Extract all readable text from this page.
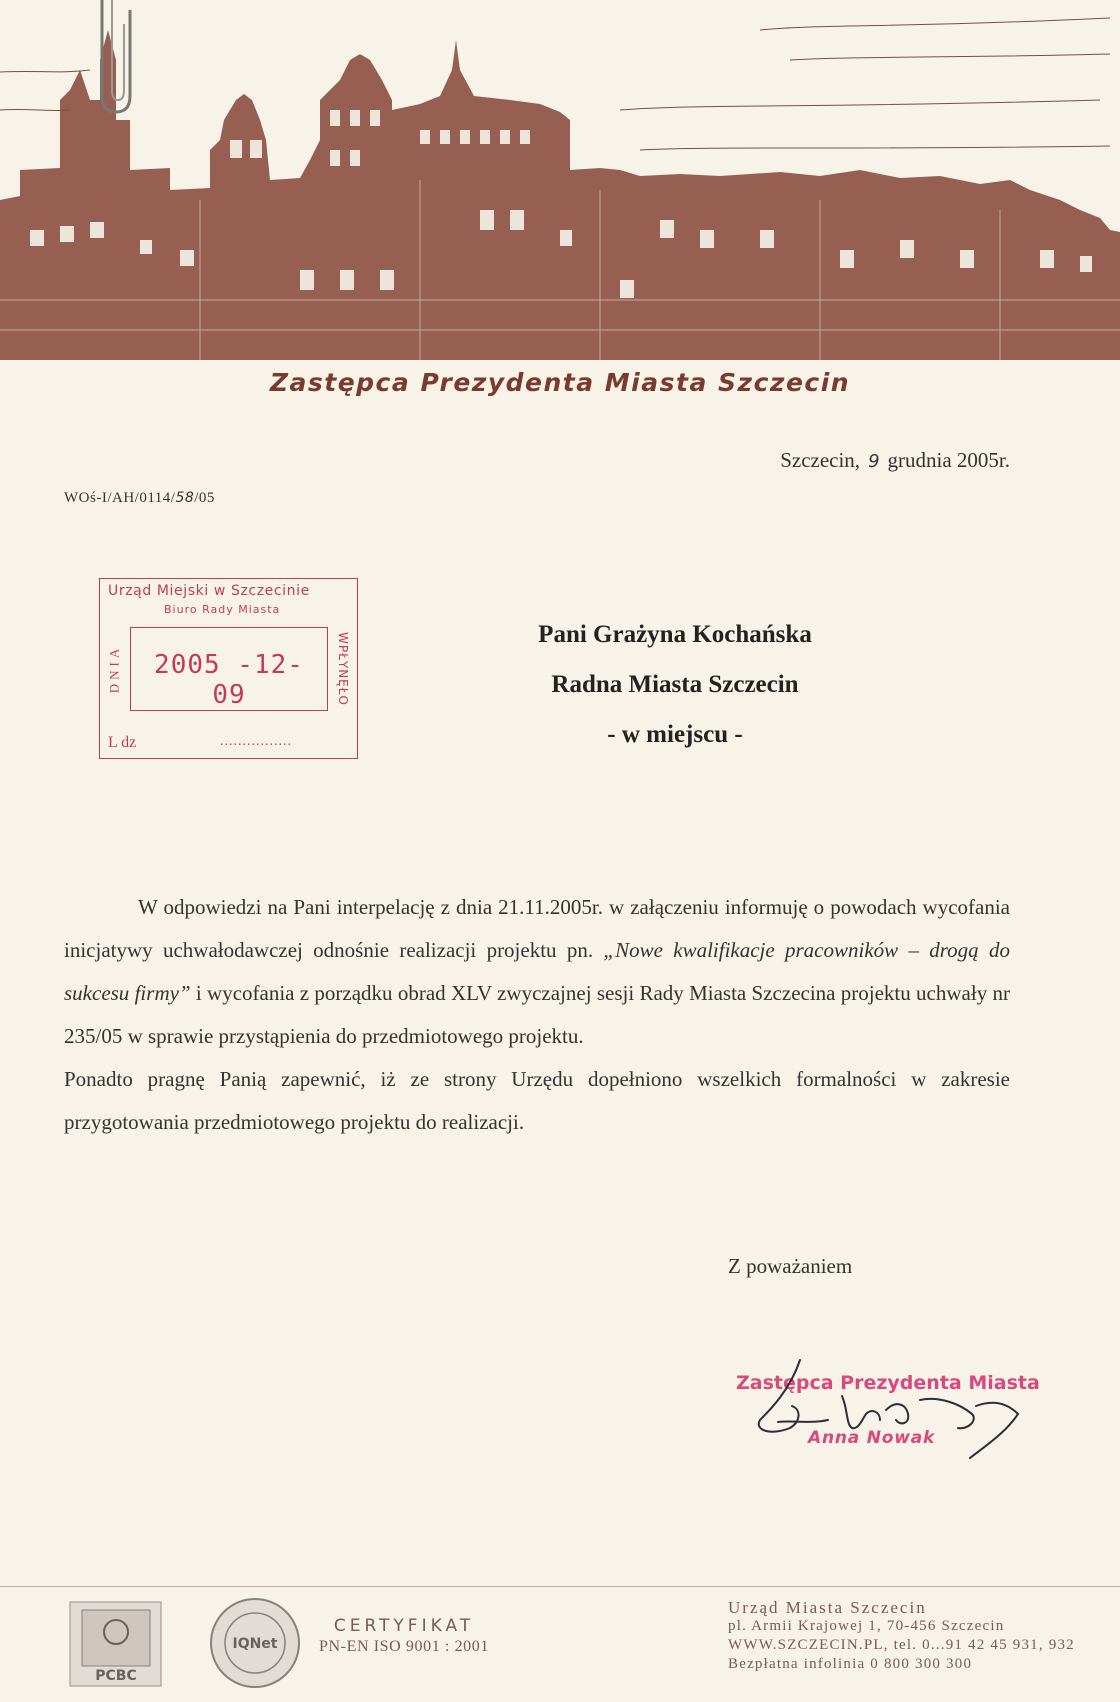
Zastępca Prezydenta Miasta Szczecin
Szczecin, 9 grudnia 2005r.
WOś-I/AH/0114/58/05
Urząd Miejski w Szczecinie
Biuro Rady Miasta
DNIA	2005 -12- 09	WPŁYNĘŁO
L dz	................
Pani Grażyna Kochańska
Radna Miasta Szczecin
- w miejscu -

W odpowiedzi na Pani interpelację z dnia 21.11.2005r. w załączeniu informuję o powodach wycofania inicjatywy uchwałodawczej odnośnie realizacji projektu pn. „Nowe kwalifikacje pracowników – drogą do sukcesu firmy” i wycofania z porządku obrad XLV zwyczajnej sesji Rady Miasta Szczecina projektu uchwały nr 235/05 w sprawie przystąpienia do przedmiotowego projektu.

Ponadto pragnę Panią zapewnić, iż ze strony Urzędu dopełniono wszelkich formalności w zakresie przygotowania przedmiotowego projektu do realizacji.

Z poważaniem
Zastępca Prezydenta Miasta
Anna Nowak
PCBC
IQNet
CERTYFIKAT
PN-EN ISO 9001 : 2001
Urząd Miasta Szczecin
pl. Armii Krajowej 1, 70-456 Szczecin
WWW.SZCZECIN.PL, tel. 0...91 42 45 931, 932
Bezpłatna infolinia 0 800 300 300
